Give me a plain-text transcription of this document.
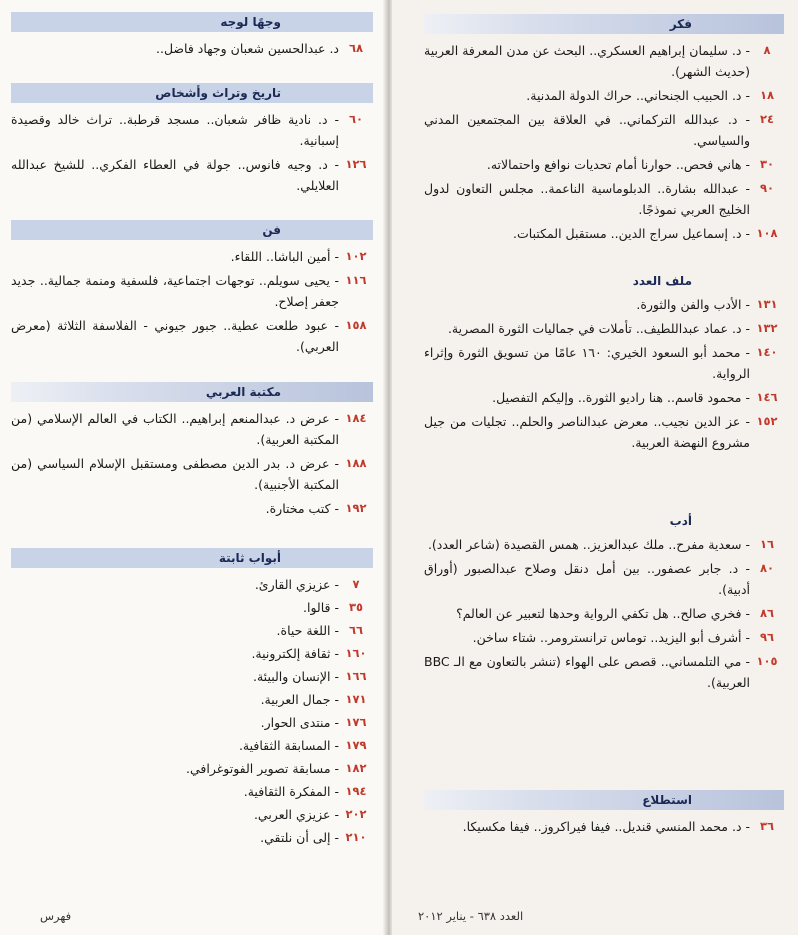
وجهًا لوجه
٦٨
د. عبدالحسين شعبان وجهاد فاضل..
تاريخ وتراث وأشخاص
٦٠
- د. نادية ظافر شعبان.. مسجد قرطبة.. تراث خالد وقصيدة إسبانية.
١٢٦
- د. وجيه فانوس.. جولة في العطاء الفكري.. للشيخ عبدالله العلايلي.
فن
١٠٢
- أمين الباشا.. اللقاء.
١١٦
- يحيى سويلم.. توجهات اجتماعية، فلسفية ومنمة جمالية.. جديد جعفر إصلاح.
١٥٨
- عبود طلعت عطية.. جبور جيوني - الفلاسفة الثلاثة (معرض العربي).
مكتبة العربي
١٨٤
- عرض د. عبدالمنعم إبراهيم.. الكتاب في العالم الإسلامي (من المكتبة العربية).
١٨٨
- عرض د. بدر الدين مصطفى ومستقبل الإسلام السياسي (من المكتبة الأجنبية).
١٩٢
- كتب مختارة.
أبواب ثابتة
٧
- عزيزي القارئ.
٣٥
- قالوا.
٦٦
- اللغة حياة.
١٦٠
- ثقافة إلكترونية.
١٦٦
- الإنسان والبيئة.
١٧١
- جمال العربية.
١٧٦
- منتدى الحوار.
١٧٩
- المسابقة الثقافية.
١٨٢
- مسابقة تصوير الفوتوغرافي.
١٩٤
- المفكرة الثقافية.
٢٠٢
- عزيزي العربي.
٢١٠
- إلى أن نلتقي.
فهرس
فكر
٨
- د. سليمان إبراهيم العسكري.. البحث عن مدن المعرفة العربية (حديث الشهر).
١٨
- د. الحبيب الجنحاني.. حراك الدولة المدنية.
٢٤
- د. عبدالله التركماني.. في العلاقة بين المجتمعين المدني والسياسي.
٣٠
- هاني فحص.. حوارنا أمام تحديات نوافع واحتمالاته.
٩٠
- عبدالله بشارة.. الدبلوماسية الناعمة.. مجلس التعاون لدول الخليج العربي نموذجًا.
١٠٨
- د. إسماعيل سراج الدين.. مستقبل المكتبات.
ملف العدد
١٣١
- الأدب والفن والثورة.
١٣٢
- د. عماد عبداللطيف.. تأملات في جماليات الثورة المصرية.
١٤٠
- محمد أبو السعود الخيري: ١٦٠ عامًا من تسويق الثورة وإثراء الرواية.
١٤٦
- محمود قاسم.. هنا راديو الثورة.. وإليكم التفصيل.
١٥٢
- عز الدين نجيب.. معرض عبدالناصر والحلم.. تجليات من جيل مشروع النهضة العربية.
أدب
١٦
- سعدية مفرح.. ملك عبدالعزيز.. همس القصيدة (شاعر العدد).
٨٠
- د. جابر عصفور.. بين أمل دنقل وصلاح عبدالصبور (أوراق أدبية).
٨٦
- فخري صالح.. هل تكفي الرواية وحدها لتعبير عن العالم؟
٩٦
- أشرف أبو اليزيد.. توماس ترانسترومر.. شتاء ساخن.
١٠٥
- مي التلمساني.. قصص على الهواء (تنشر بالتعاون مع الـ BBC العربية).
استطلاع
٣٦
- د. محمد المنسي قنديل.. فيفا فيراكروز.. فيفا مكسيكا.
العدد ٦٣٨ - يناير ٢٠١٢
